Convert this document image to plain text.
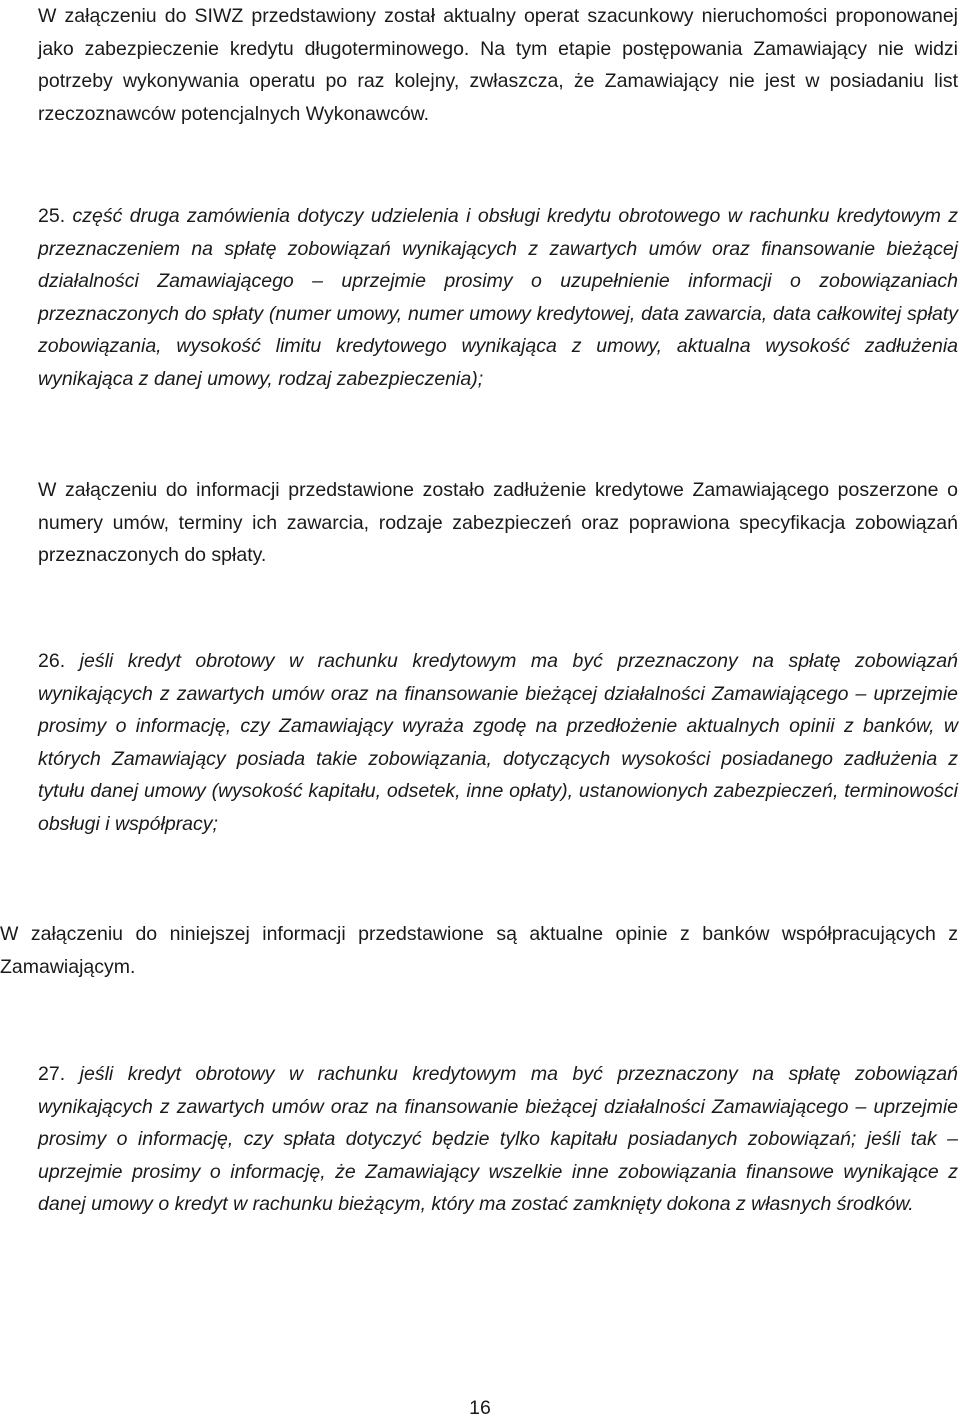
W załączeniu do SIWZ przedstawiony został aktualny operat szacunkowy nieruchomości proponowanej jako zabezpieczenie kredytu długoterminowego. Na tym etapie postępowania Zamawiający nie widzi potrzeby wykonywania operatu po raz kolejny, zwłaszcza, że Zamawiający nie jest w posiadaniu list rzeczoznawców potencjalnych Wykonawców.

25. część druga zamówienia dotyczy udzielenia i obsługi kredytu obrotowego w rachunku kredytowym z przeznaczeniem na spłatę zobowiązań wynikających z zawartych umów oraz finansowanie bieżącej działalności Zamawiającego – uprzejmie prosimy o uzupełnienie informacji o zobowiązaniach przeznaczonych do spłaty (numer umowy, numer umowy kredytowej, data zawarcia, data całkowitej spłaty zobowiązania, wysokość limitu kredytowego wynikająca z umowy, aktualna wysokość zadłużenia wynikająca z danej umowy, rodzaj zabezpieczenia);

W załączeniu do informacji przedstawione zostało zadłużenie kredytowe Zamawiającego poszerzone o numery umów, terminy ich zawarcia, rodzaje zabezpieczeń oraz poprawiona specyfikacja zobowiązań przeznaczonych do spłaty.

26. jeśli kredyt obrotowy w rachunku kredytowym ma być przeznaczony na spłatę zobowiązań wynikających z zawartych umów oraz na finansowanie bieżącej działalności Zamawiającego – uprzejmie prosimy o informację, czy Zamawiający wyraża zgodę na przedłożenie aktualnych opinii z banków, w których Zamawiający posiada takie zobowiązania, dotyczących wysokości posiadanego zadłużenia z tytułu danej umowy (wysokość kapitału, odsetek, inne opłaty), ustanowionych zabezpieczeń, terminowości obsługi i współpracy;

W załączeniu do niniejszej informacji przedstawione są aktualne opinie z banków współpracujących z Zamawiającym.

27. jeśli kredyt obrotowy w rachunku kredytowym ma być przeznaczony na spłatę zobowiązań wynikających z zawartych umów oraz na finansowanie bieżącej działalności Zamawiającego – uprzejmie prosimy o informację, czy spłata dotyczyć będzie tylko kapitału posiadanych zobowiązań; jeśli tak – uprzejmie prosimy o informację, że Zamawiający wszelkie inne zobowiązania finansowe wynikające z danej umowy o kredyt w rachunku bieżącym, który ma zostać zamknięty dokona z własnych środków.

16
